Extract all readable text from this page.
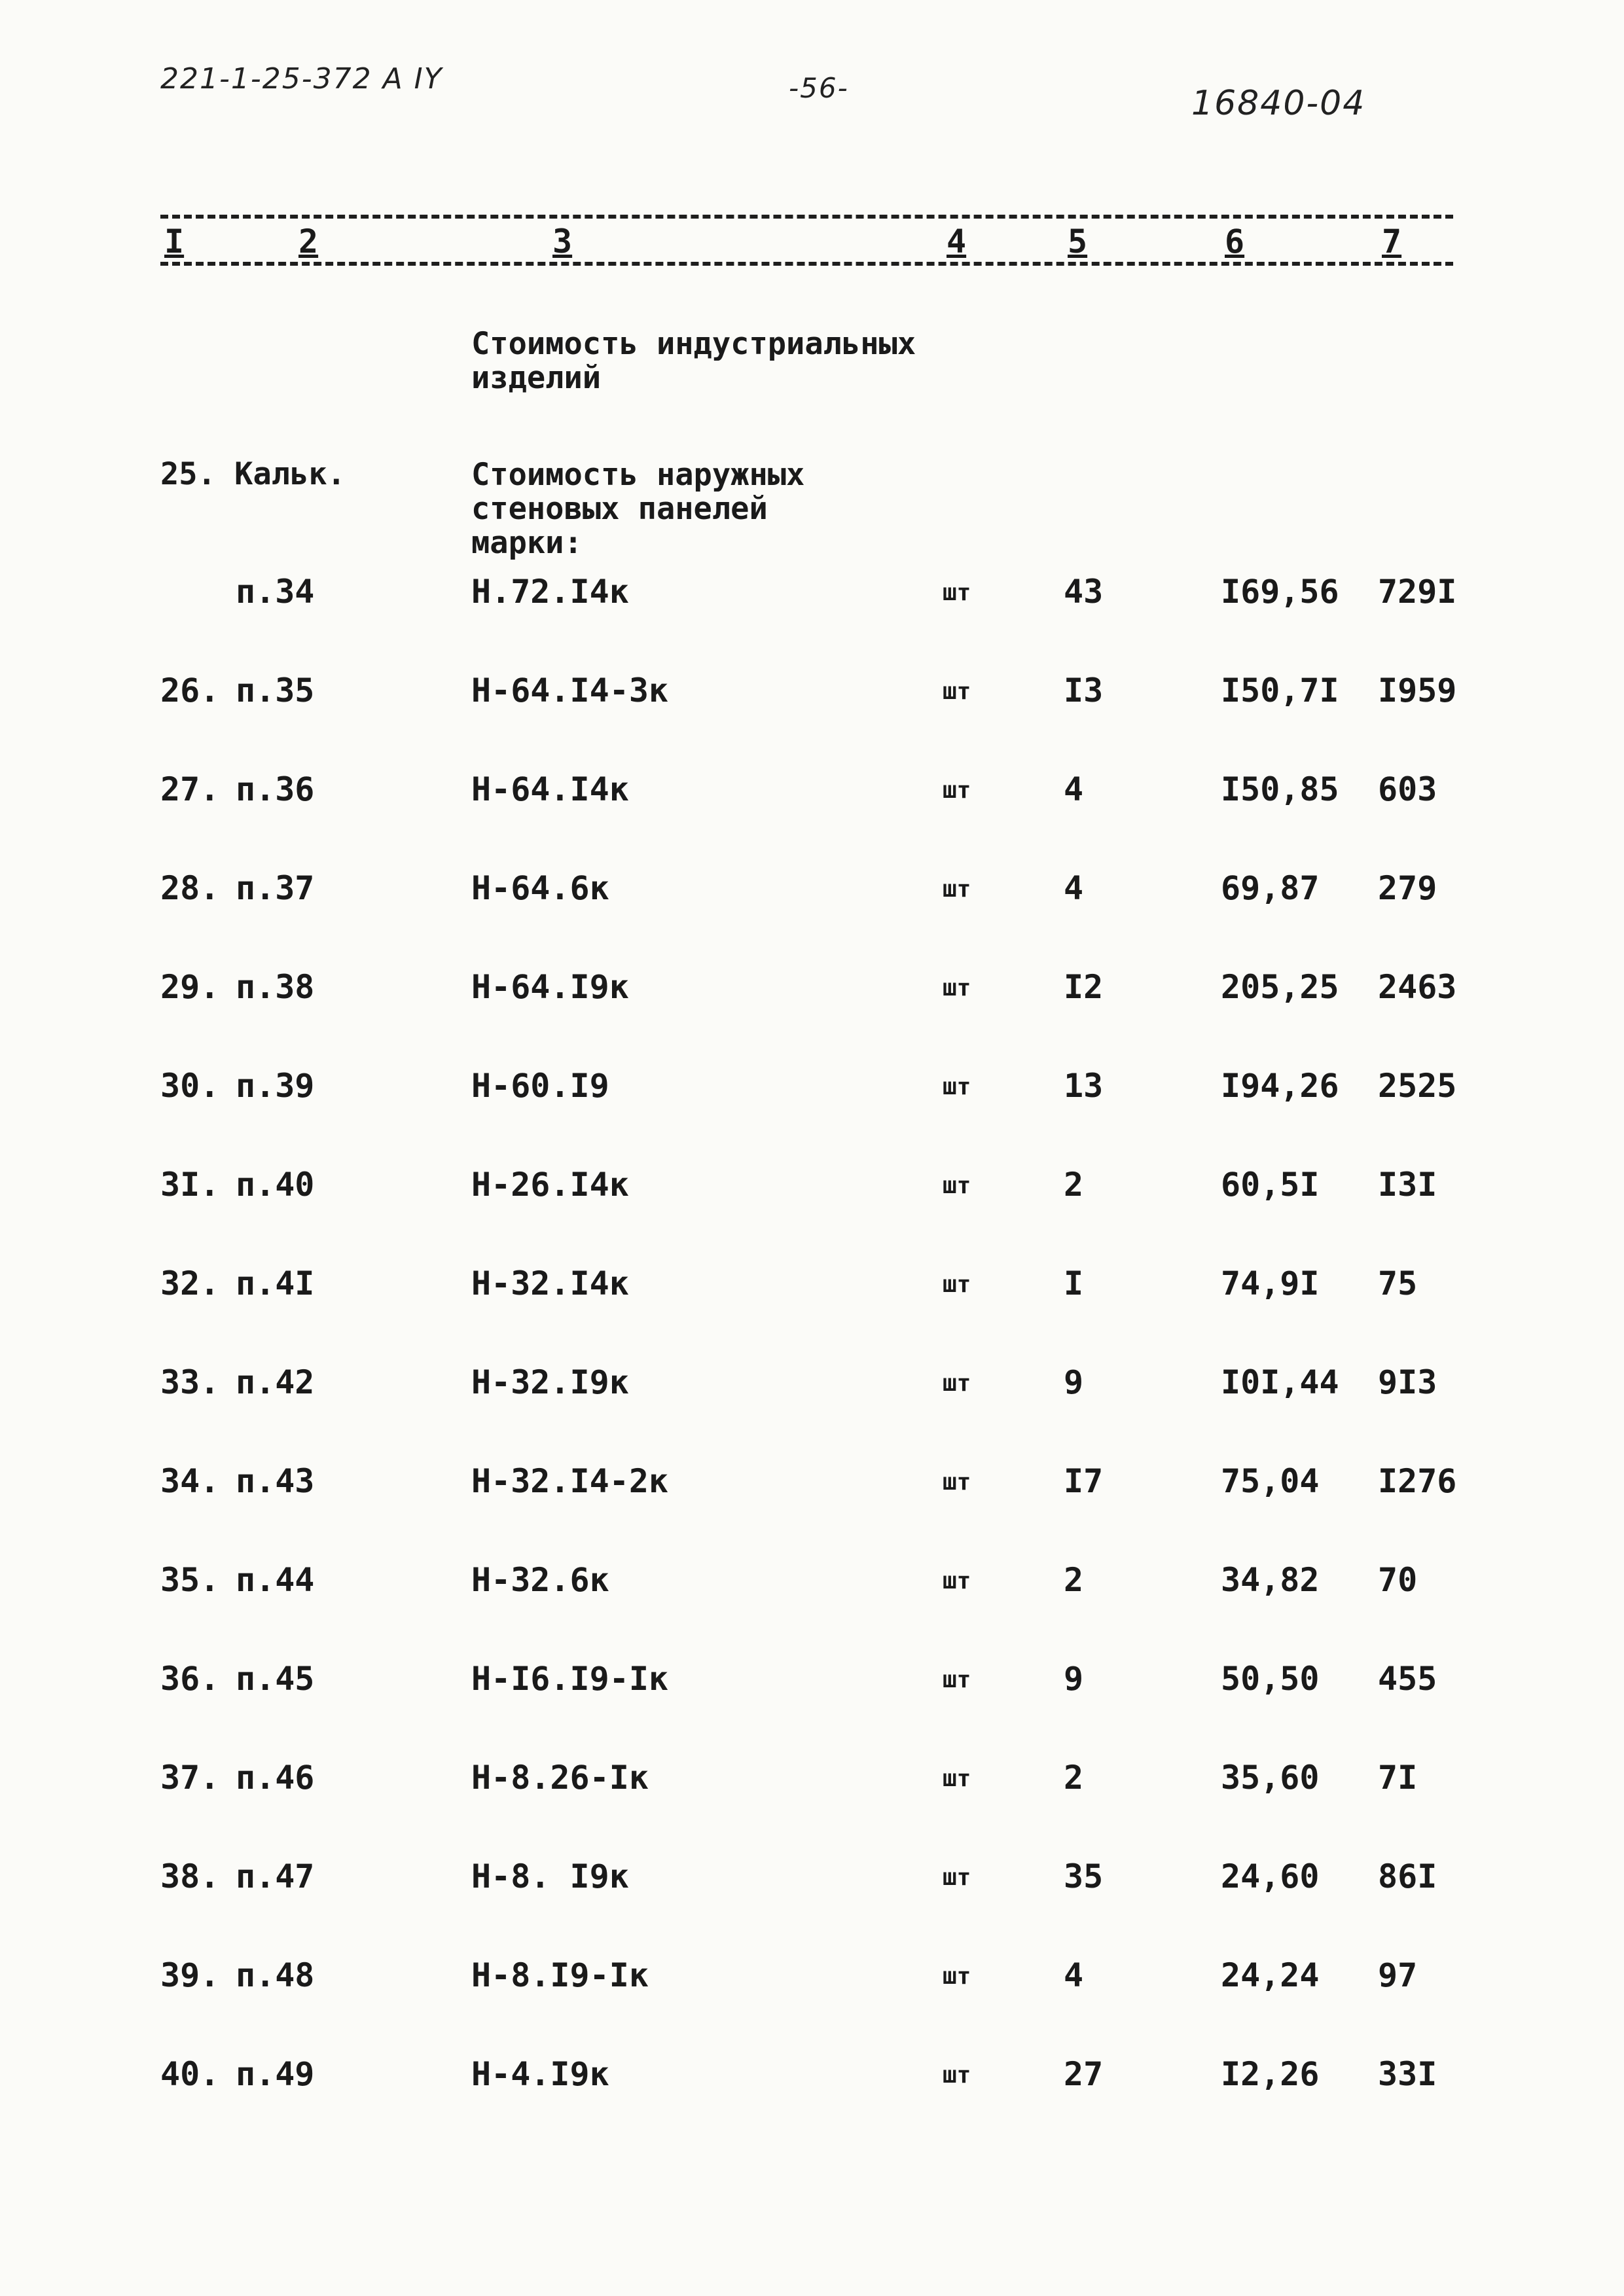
221-1-25-372 А IY	-56-	16840-04
I	2	3	4	5	6	7
Стоимость индустриальных изделий
25. Кальк.	Стоимость наружных стеновых панелей марки:
п.34	Н.72.I4к	шт	43	I69,56 729I
26. п.35	Н-64.I4-3к	шт	I3	I50,7I I959
27. п.36	Н-64.I4к	шт	4	I50,85 603
28. п.37	Н-64.6к	шт	4	69,87 279
29. п.38	Н-64.I9к	шт	I2	205,25 2463
30. п.39	Н-60.I9	шт	13	I94,26 2525
3I. п.40	Н-26.I4к	шт	2	60,5I I3I
32. п.4I	Н-32.I4к	шт	I	74,9I 75
33. п.42	Н-32.I9к	шт	9	I0I,44 9I3
34. п.43	Н-32.I4-2к	шт	I7	75,04 I276
35. п.44	Н-32.6к	шт	2	34,82 70
36. п.45	Н-I6.I9-Iк	шт	9	50,50 455
37. п.46	Н-8.26-Iк	шт	2	35,60 7I
38. п.47	Н-8. I9к	шт	35	24,60 86I
39. п.48	Н-8.I9-Iк	шт	4	24,24 97
40. п.49	Н-4.I9к	шт	27	I2,26 33I
